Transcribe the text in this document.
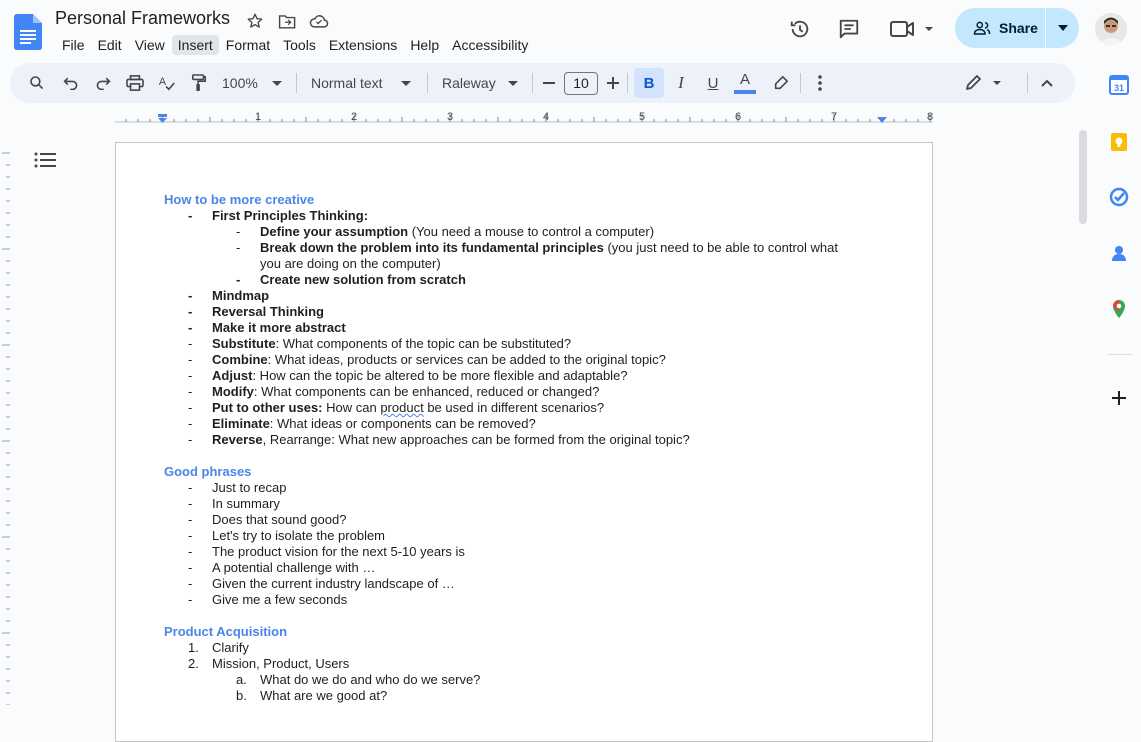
Personal Frameworks
File Edit View Insert Format Tools Extensions Help Accessibility
Share
A	100%	Normal text	Raleway	10	B	I U A	31
1	2	3	4	5	6	7	8
How to be more creative
- First Principles Thinking:
- Define your assumption (You need a mouse to control a computer)
- Break down the problem into its fundamental principles (you just need to be able to control what
you are doing on the computer)
- Create new solution from scratch
- Mindmap
- Reversal Thinking
- Make it more abstract
- Substitute: What components of the topic can be substituted?
- Combine: What ideas, products or services can be added to the original topic?
- Adjust: How can the topic be altered to be more flexible and adaptable?
- Modify: What components can be enhanced, reduced or changed?
- Put to other uses: How can product be used in different scenarios?
- Eliminate: What ideas or components can be removed?
- Reverse, Rearrange: What new approaches can be formed from the original topic?
Good phrases
- Just to recap
- In summary
- Does that sound good?
- Let's try to isolate the problem
- The product vision for the next 5-10 years is
- A potential challenge with …
- Given the current industry landscape of …
- Give me a few seconds
Product Acquisition
1. Clarify
2. Mission, Product, Users
a. What do we do and who do we serve?
b. What are we good at?
